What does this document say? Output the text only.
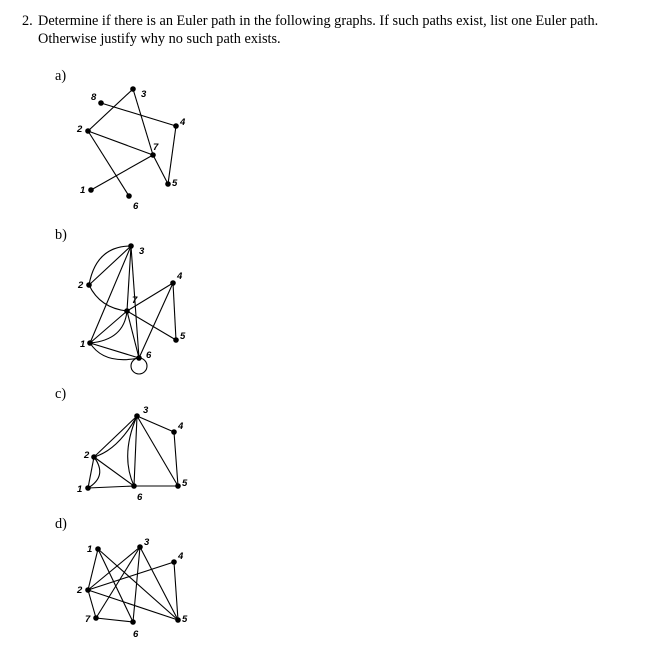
2. Determine if there is an Euler path in the following graphs. If such paths exist, list one Euler path. Otherwise justify why no such path exists.
a)
b)
c)
d)
1
2
3
4
5
6
7
8
1
2
3
4
5
6
7
1
2
3
4
5
6
1
2
3
4
5
6
7
